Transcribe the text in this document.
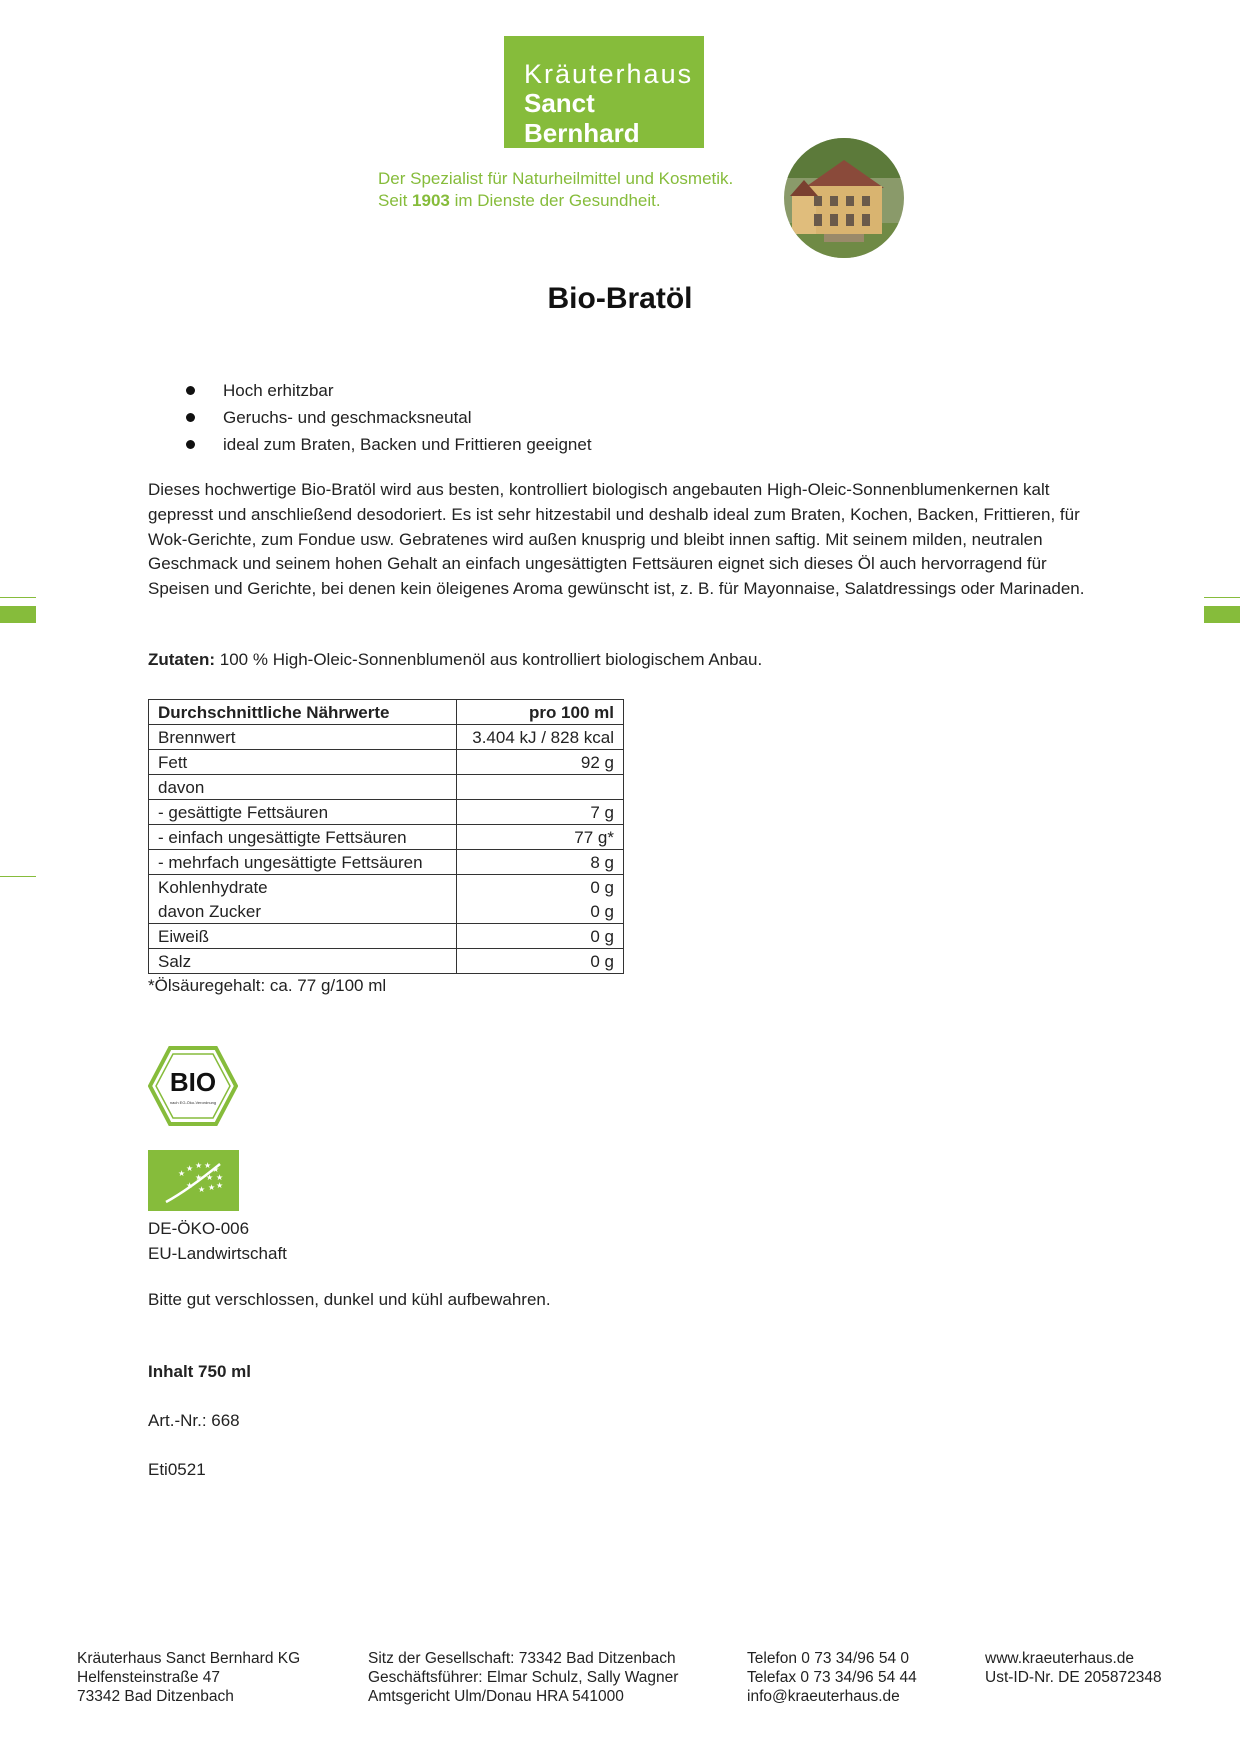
Kräuterhaus
Sanct Bernhard
Der Spezialist für Naturheilmittel und Kosmetik.
Seit 1903 im Dienste der Gesundheit.
Bio-Bratöl
Hoch erhitzbar
Geruchs- und geschmacksneutal
ideal zum Braten, Backen und Frittieren geeignet
Dieses hochwertige Bio-Bratöl wird aus besten, kontrolliert biologisch angebauten High-Oleic-Sonnenblumenkernen kalt gepresst und anschließend desodoriert. Es ist sehr hitzestabil und deshalb ideal zum Braten, Kochen, Backen, Frittieren, für Wok-Gerichte, zum Fondue usw. Gebratenes wird außen knusprig und bleibt innen saftig. Mit seinem milden, neutralen Geschmack und seinem hohen Gehalt an einfach ungesättigten Fettsäuren eignet sich dieses Öl auch hervorragend für Speisen und Gerichte, bei denen kein öleigenes Aroma gewünscht ist, z. B. für Mayonnaise, Salatdressings oder Marinaden.
Zutaten: 100 % High-Oleic-Sonnenblumenöl aus kontrolliert biologischem Anbau.
Durchschnittliche Nährwerte	pro 100 ml
Brennwert	3.404 kJ / 828 kcal
Fett	92 g
davon	
- gesättigte Fettsäuren	7 g
- einfach ungesättigte Fettsäuren	77 g*
- mehrfach ungesättigte Fettsäuren	8 g
Kohlenhydrate	0 g
davon Zucker	0 g
Eiweiß	0 g
Salz	0 g
*Ölsäuregehalt: ca. 77 g/100 ml
BIO
nach EG-Öko-Verordnung
★
★ ★ ★ ★
★
★
★
★ ★ ★ ★
DE-ÖKO-006
EU-Landwirtschaft
Bitte gut verschlossen, dunkel und kühl aufbewahren.
Inhalt 750 ml
Art.-Nr.: 668
Eti0521
Kräuterhaus Sanct Bernhard KG
Helfensteinstraße 47
73342 Bad Ditzenbach
Sitz der Gesellschaft: 73342 Bad Ditzenbach
Geschäftsführer: Elmar Schulz, Sally Wagner
Amtsgericht Ulm/Donau HRA 541000
Telefon 0 73 34/96 54 0
Telefax 0 73 34/96 54 44
info@kraeuterhaus.de
www.kraeuterhaus.de
Ust-ID-Nr. DE 205872348
